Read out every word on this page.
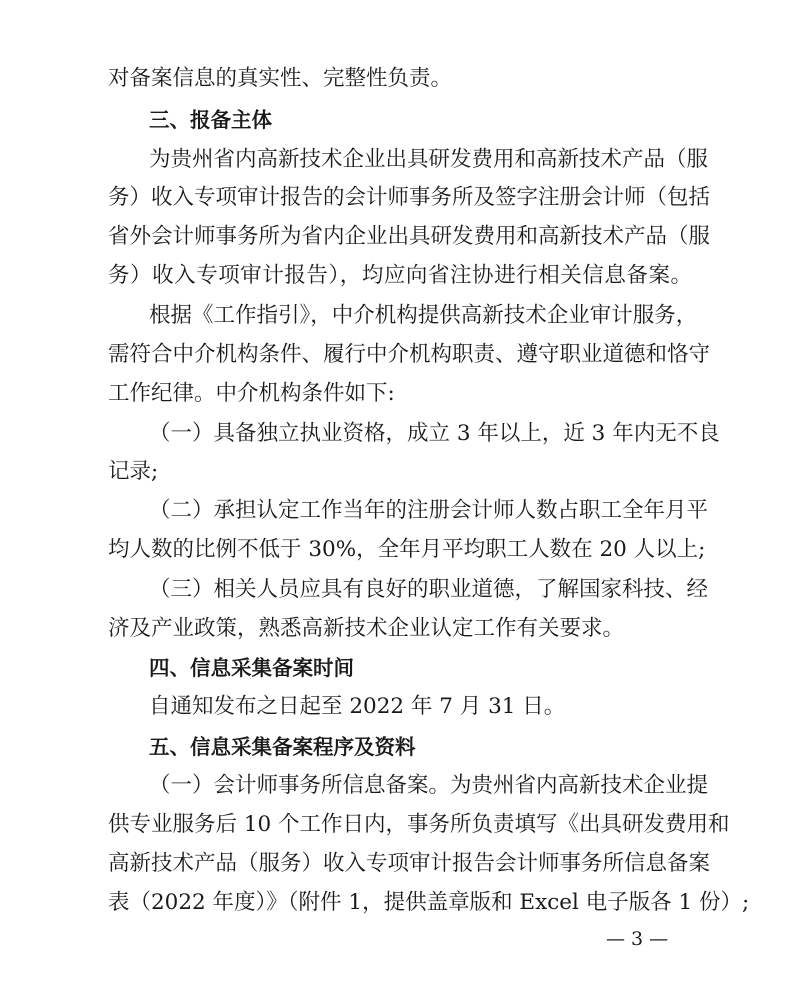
对备案信息的真实性、完整性负责。
三、报备主体
为贵州省内高新技术企业出具研发费用和高新技术产品（服
务）收入专项审计报告的会计师事务所及签字注册会计师（包括
省外会计师事务所为省内企业出具研发费用和高新技术产品（服
务）收入专项审计报告），均应向省注协进行相关信息备案。
根据《工作指引》，中介机构提供高新技术企业审计服务，
需符合中介机构条件、履行中介机构职责、遵守职业道德和恪守
工作纪律。中介机构条件如下:
（一）具备独立执业资格，成立 3 年以上，近 3 年内无不良
记录;
（二）承担认定工作当年的注册会计师人数占职工全年月平
均人数的比例不低于 30%，全年月平均职工人数在 20 人以上;
（三）相关人员应具有良好的职业道德，了解国家科技、经
济及产业政策，熟悉高新技术企业认定工作有关要求。
四、信息采集备案时间
自通知发布之日起至 2022 年 7 月 31 日。
五、信息采集备案程序及资料
（一）会计师事务所信息备案。为贵州省内高新技术企业提
供专业服务后 10 个工作日内，事务所负责填写《出具研发费用和
高新技术产品（服务）收入专项审计报告会计师事务所信息备案
表（2022 年度）》（附件 1，提供盖章版和 Excel 电子版各 1 份）;
— 3 —
